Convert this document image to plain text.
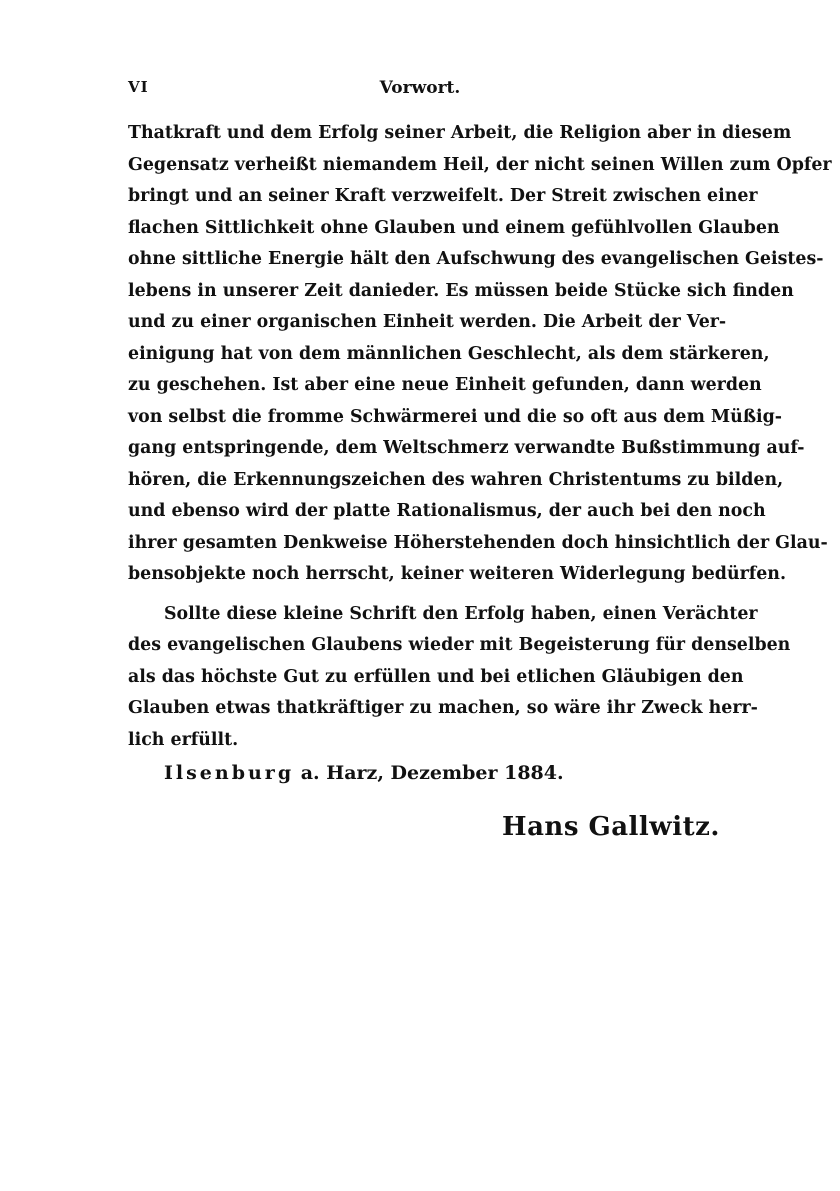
VI	Vorwort.
Thatkraft und dem Erfolg seiner Arbeit, die Religion aber in diesem
Gegensatz verheißt niemandem Heil, der nicht seinen Willen zum Opfer
bringt und an seiner Kraft verzweifelt. Der Streit zwischen einer
flachen Sittlichkeit ohne Glauben und einem gefühlvollen Glauben
ohne sittliche Energie hält den Aufschwung des evangelischen Geistes-
lebens in unserer Zeit danieder. Es müssen beide Stücke sich finden
und zu einer organischen Einheit werden. Die Arbeit der Ver-
einigung hat von dem männlichen Geschlecht, als dem stärkeren,
zu geschehen. Ist aber eine neue Einheit gefunden, dann werden
von selbst die fromme Schwärmerei und die so oft aus dem Müßig-
gang entspringende, dem Weltschmerz verwandte Bußstimmung auf-
hören, die Erkennungszeichen des wahren Christentums zu bilden,
und ebenso wird der platte Rationalismus, der auch bei den noch
ihrer gesamten Denkweise Höherstehenden doch hinsichtlich der Glau-
bensobjekte noch herrscht, keiner weiteren Widerlegung bedürfen.
Sollte diese kleine Schrift den Erfolg haben, einen Verächter
des evangelischen Glaubens wieder mit Begeisterung für denselben
als das höchste Gut zu erfüllen und bei etlichen Gläubigen den
Glauben etwas thatkräftiger zu machen, so wäre ihr Zweck herr-
lich erfüllt.
Ilsenburg a. Harz, Dezember 1884.
Hans Gallwitz.
